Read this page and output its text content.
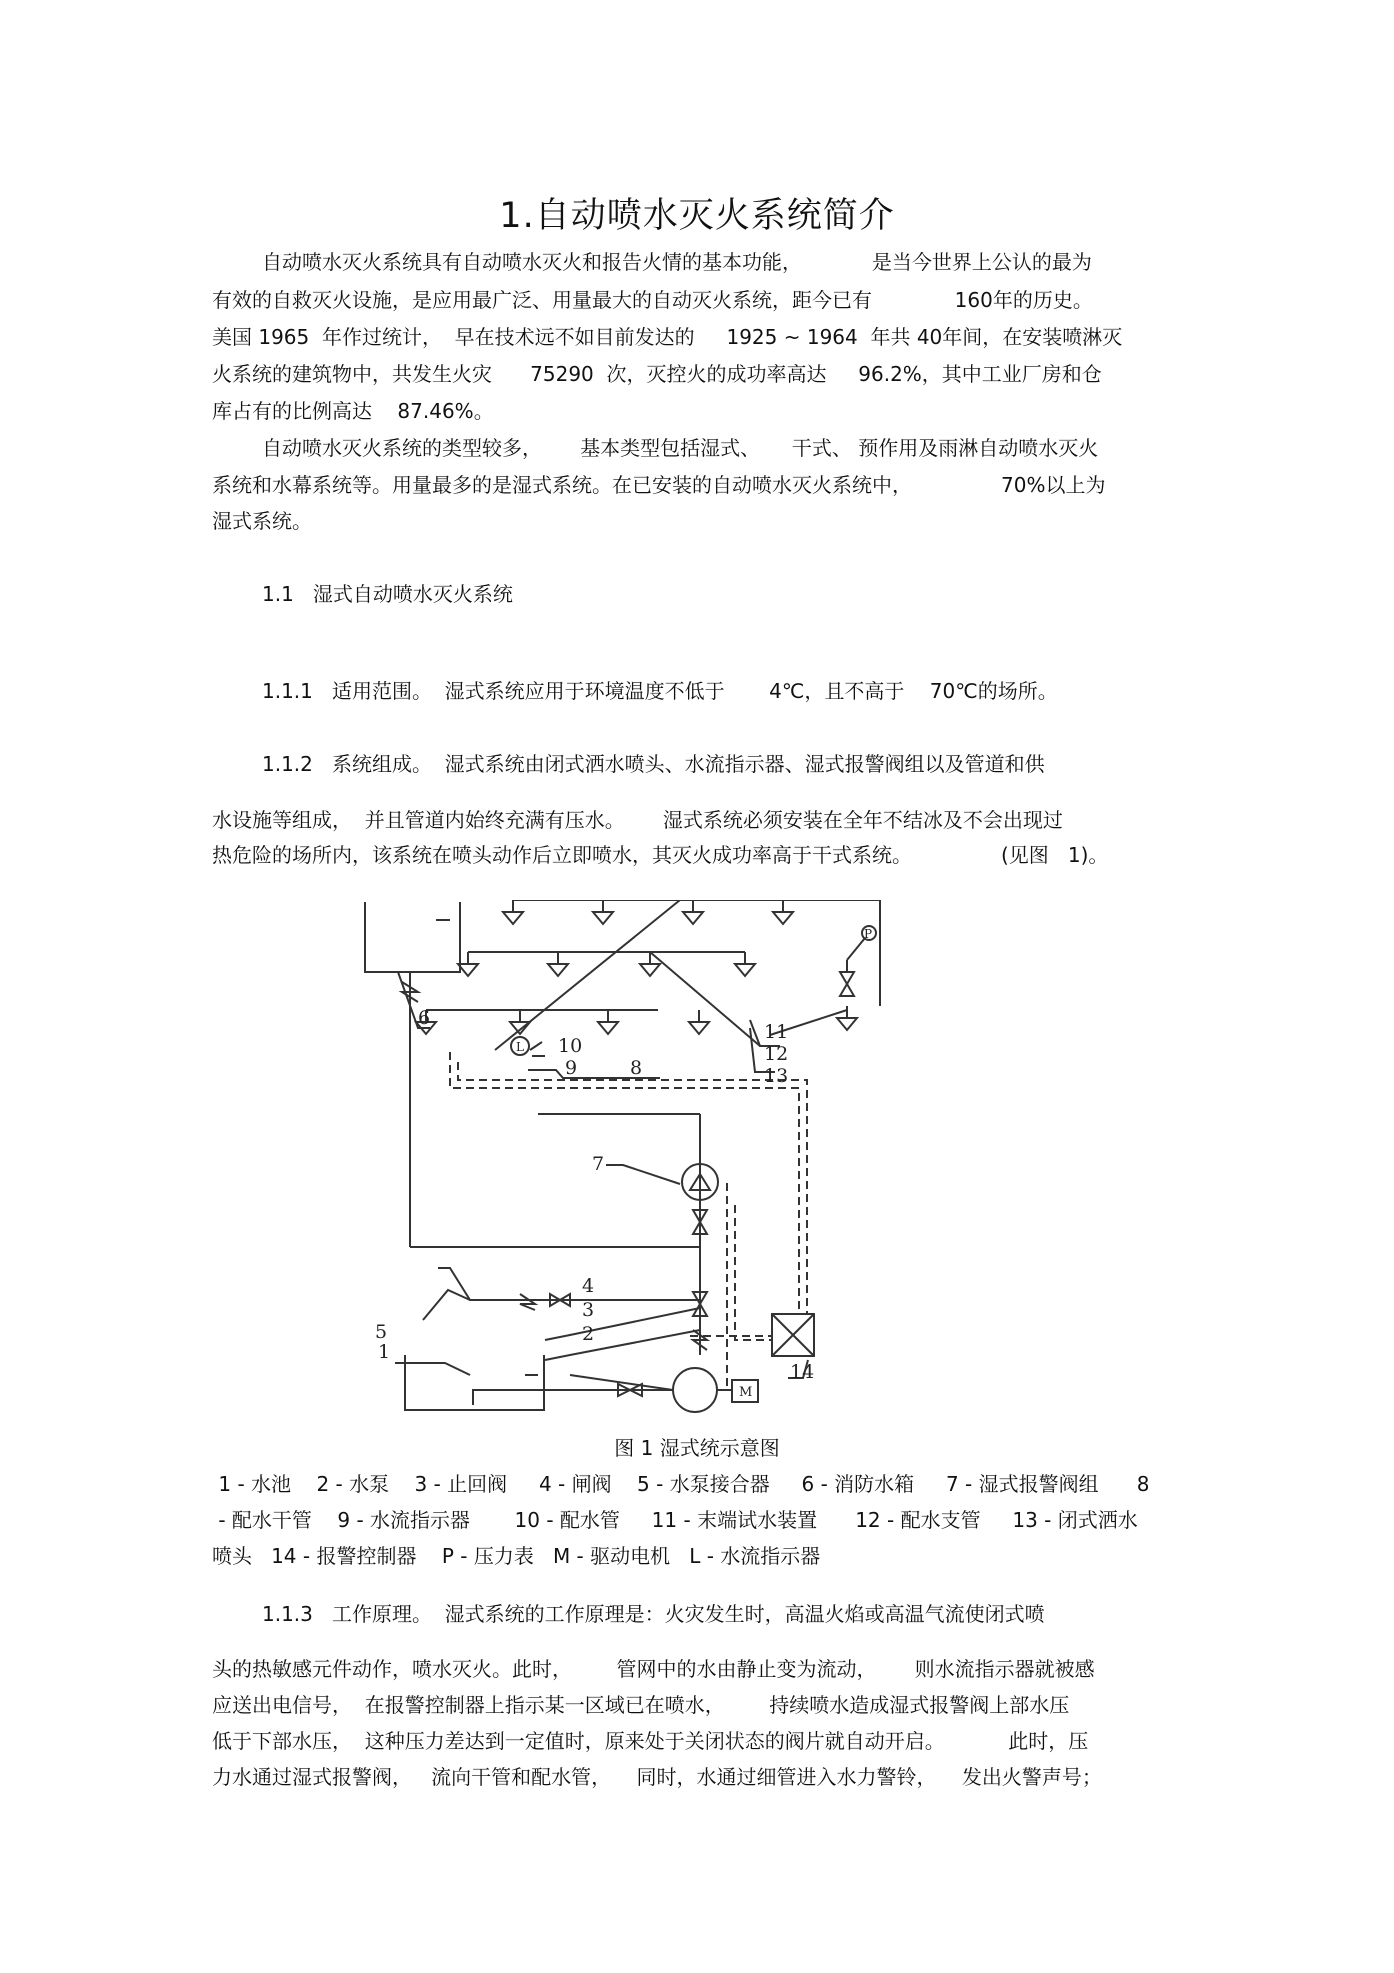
1.自动喷水灭火系统简介
自动喷水灭火系统具有自动喷水灭火和报告火情的基本功能，           是当今世界上公认的最为
有效的自救灭火设施，是应用最广泛、用量最大的自动灭火系统，距今已有             160年的历史。
美国 1965  年作过统计，  早在技术远不如目前发达的     1925 ~ 1964  年共 40年间，在安装喷淋灭
火系统的建筑物中，共发生火灾      75290  次，灭控火的成功率高达     96.2%，其中工业厂房和仓
库占有的比例高达    87.46%。
自动喷水灭火系统的类型较多，      基本类型包括湿式、     干式、 预作用及雨淋自动喷水灭火
系统和水幕系统等。用量最多的是湿式系统。在已安装的自动喷水灭火系统中，              70%以上为
湿式系统。
1.1   湿式自动喷水灭火系统
1.1.1   适用范围。  湿式系统应用于环境温度不低于       4℃，且不高于    70℃的场所。
1.1.2   系统组成。  湿式系统由闭式洒水喷头、水流指示器、湿式报警阀组以及管道和供
水设施等组成，  并且管道内始终充满有压水。      湿式系统必须安装在全年不结冰及不会出现过
热危险的场所内，该系统在喷头动作后立即喷水，其灭火成功率高于干式系统。              (见图   1)。
6
7
8
9
10
11
12
13
14
5
1
4
3
2
P
M
L
图 1 湿式统示意图
1 - 水池    2 - 水泵    3 - 止回阀     4 - 闸阀    5 - 水泵接合器     6 - 消防水箱     7 - 湿式报警阀组      8
- 配水干管    9 - 水流指示器       10 - 配水管     11 - 末端试水装置      12 - 配水支管     13 - 闭式洒水
喷头   14 - 报警控制器    P - 压力表   M - 驱动电机   L - 水流指示器
1.1.3   工作原理。  湿式系统的工作原理是：火灾发生时，高温火焰或高温气流使闭式喷
头的热敏感元件动作，喷水灭火。此时，       管网中的水由静止变为流动，      则水流指示器就被感
应送出电信号，  在报警控制器上指示某一区域已在喷水，       持续喷水造成湿式报警阀上部水压
低于下部水压，  这种压力差达到一定值时，原来处于关闭状态的阀片就自动开启。          此时，压
力水通过湿式报警阀，   流向干管和配水管，    同时，水通过细管进入水力警铃，    发出火警声号；
